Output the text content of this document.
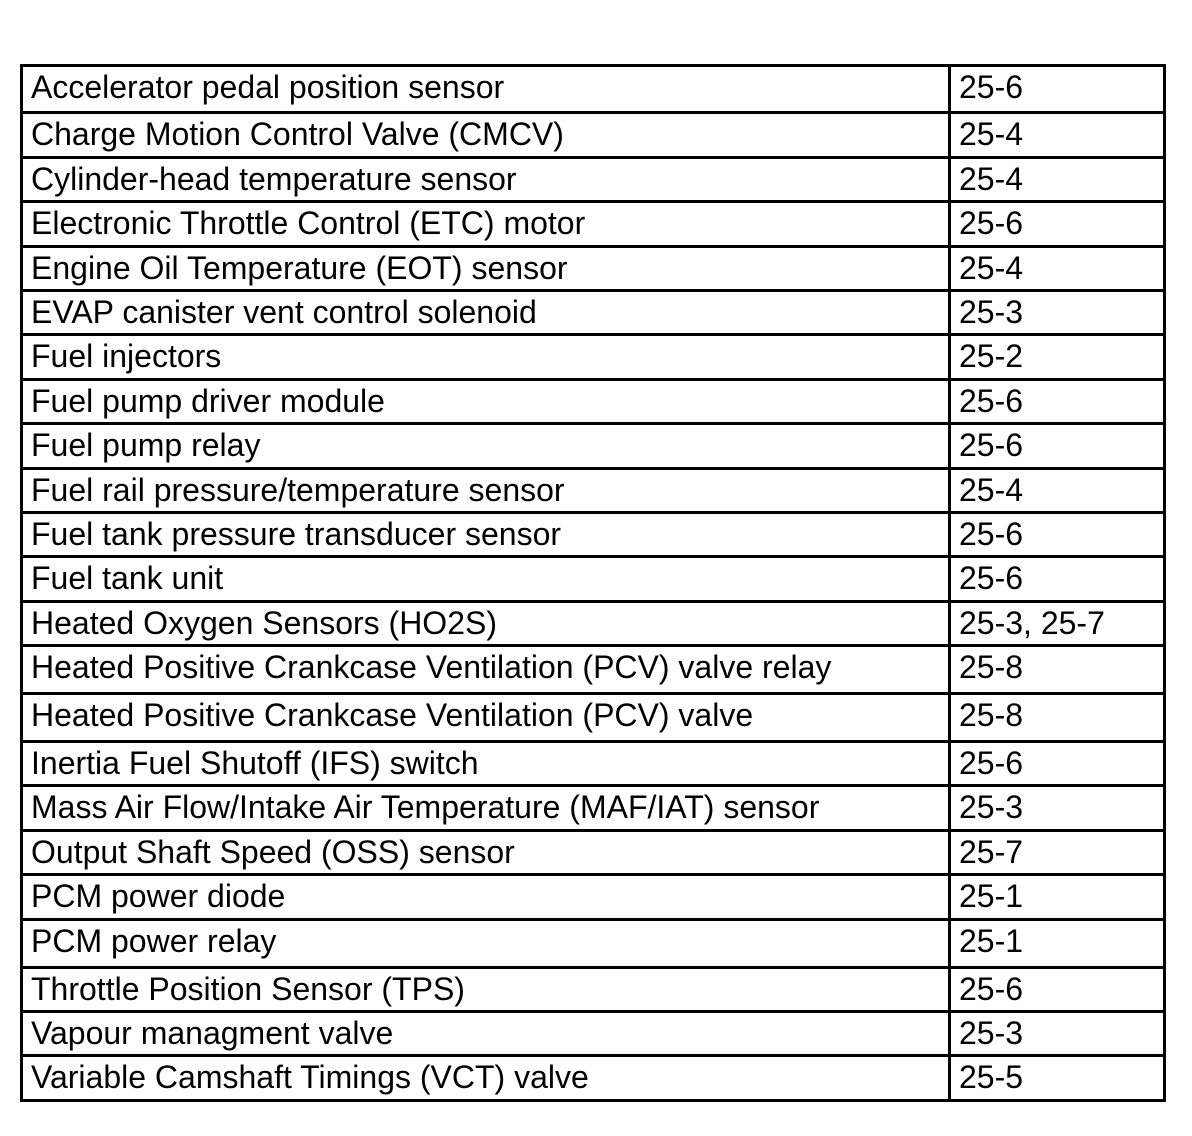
Accelerator pedal position sensor	25-6
Charge Motion Control Valve (CMCV)	25-4
Cylinder-head temperature sensor	25-4
Electronic Throttle Control (ETC) motor	25-6
Engine Oil Temperature (EOT) sensor	25-4
EVAP canister vent control solenoid	25-3
Fuel injectors	25-2
Fuel pump driver module	25-6
Fuel pump relay	25-6
Fuel rail pressure/temperature sensor	25-4
Fuel tank pressure transducer sensor	25-6
Fuel tank unit	25-6
Heated Oxygen Sensors (HO2S)	25-3, 25-7
Heated Positive Crankcase Ventilation (PCV) valve relay	25-8
Heated Positive Crankcase Ventilation (PCV) valve	25-8
Inertia Fuel Shutoff (IFS) switch	25-6
Mass Air Flow/Intake Air Temperature (MAF/IAT) sensor	25-3
Output Shaft Speed (OSS) sensor	25-7
PCM power diode	25-1
PCM power relay	25-1
Throttle Position Sensor (TPS)	25-6
Vapour managment valve	25-3
Variable Camshaft Timings (VCT) valve	25-5
